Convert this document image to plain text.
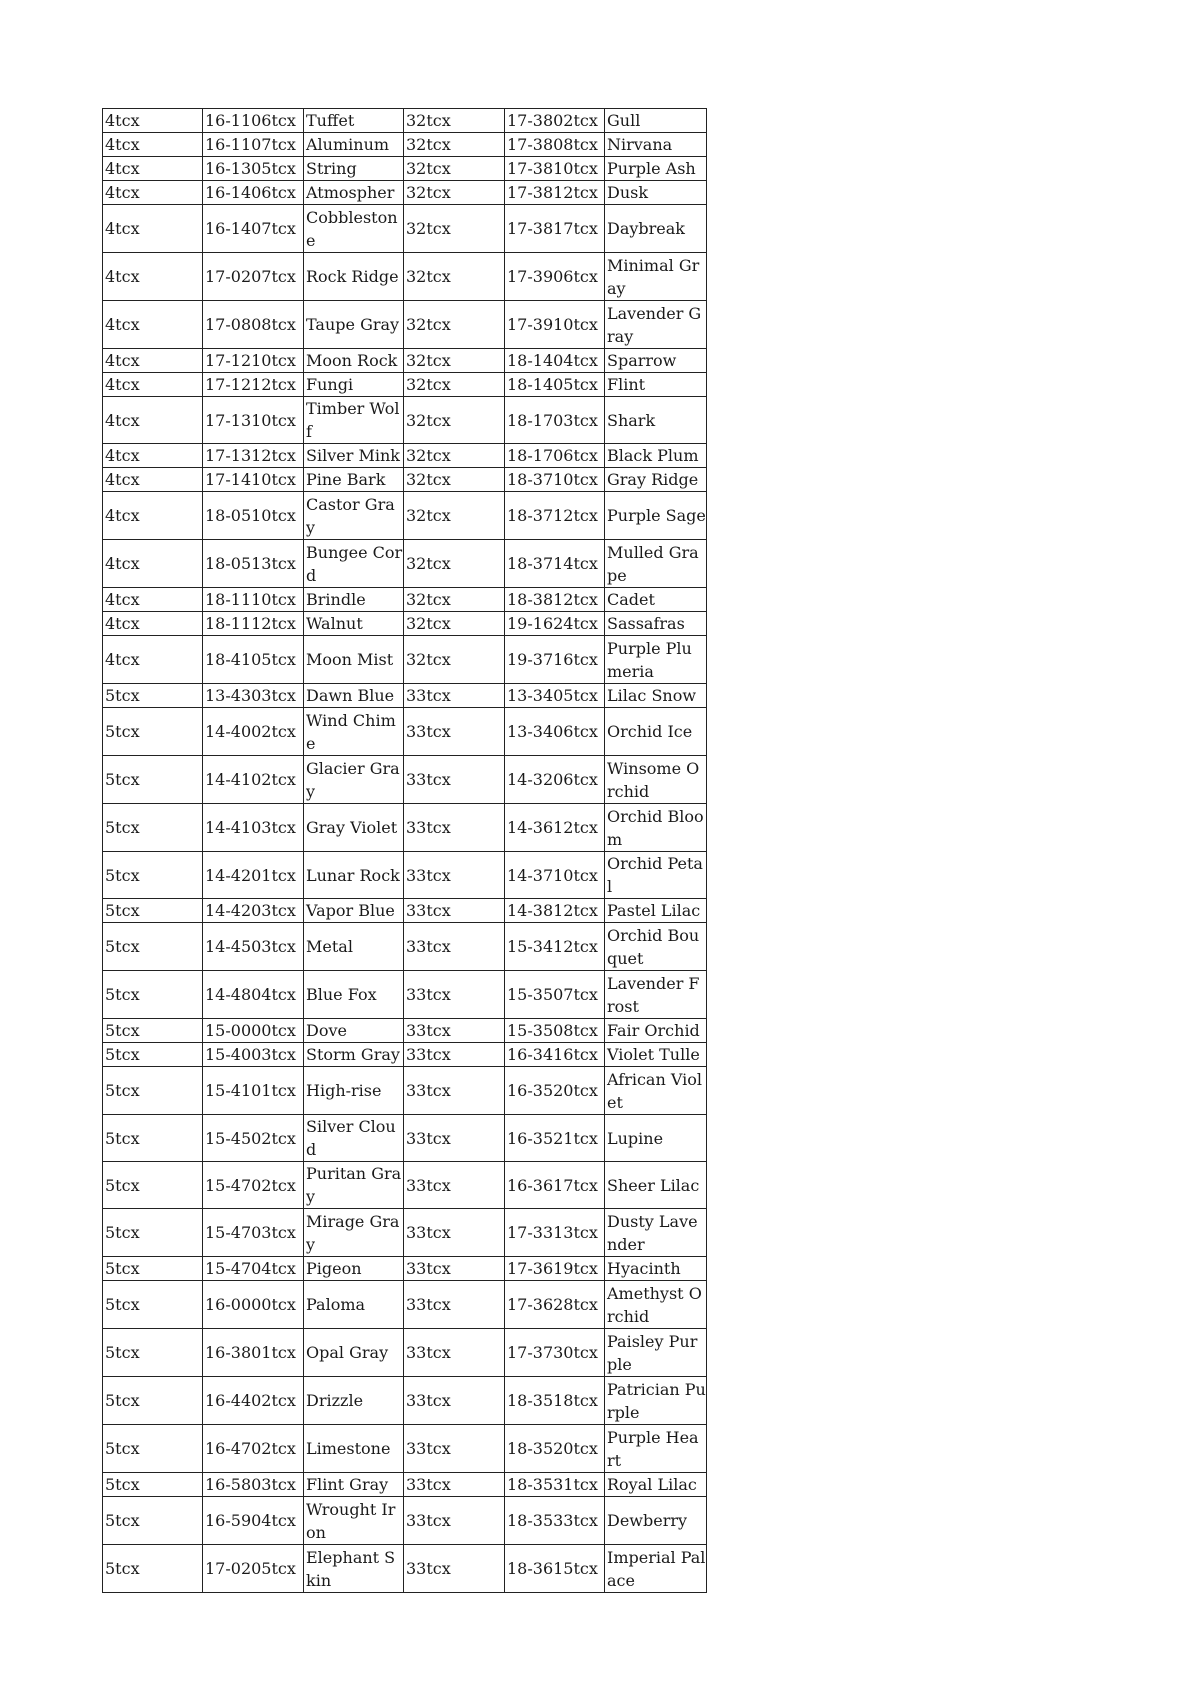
4tcx	16-1106tcx	Tuffet	32tcx	17-3802tcx	Gull
4tcx	16-1107tcx	Aluminum	32tcx	17-3808tcx	Nirvana
4tcx	16-1305tcx	String	32tcx	17-3810tcx	Purple Ash
4tcx	16-1406tcx	Atmospher	32tcx	17-3812tcx	Dusk
4tcx	16-1407tcx	Cobbleston e	32tcx	17-3817tcx	Daybreak
4tcx	17-0207tcx	Rock Ridge	32tcx	17-3906tcx	Minimal Gray
4tcx	17-0808tcx	Taupe Gray	32tcx	17-3910tcx	Lavender Gray
4tcx	17-1210tcx	Moon Rock	32tcx	18-1404tcx	Sparrow
4tcx	17-1212tcx	Fungi	32tcx	18-1405tcx	Flint
4tcx	17-1310tcx	Timber Wolf	32tcx	18-1703tcx	Shark
4tcx	17-1312tcx	Silver Mink	32tcx	18-1706tcx	Black Plum
4tcx	17-1410tcx	Pine Bark	32tcx	18-3710tcx	Gray Ridge
4tcx	18-0510tcx	Castor Gray	32tcx	18-3712tcx	Purple Sage
4tcx	18-0513tcx	Bungee Cord	32tcx	18-3714tcx	Mulled Grape
4tcx	18-1110tcx	Brindle	32tcx	18-3812tcx	Cadet
4tcx	18-1112tcx	Walnut	32tcx	19-1624tcx	Sassafras
4tcx	18-4105tcx	Moon Mist	32tcx	19-3716tcx	Purple Plumeria
5tcx	13-4303tcx	Dawn Blue	33tcx	13-3405tcx	Lilac Snow
5tcx	14-4002tcx	Wind Chime	33tcx	13-3406tcx	Orchid Ice
5tcx	14-4102tcx	Glacier Gray	33tcx	14-3206tcx	Winsome Orchid
5tcx	14-4103tcx	Gray Violet	33tcx	14-3612tcx	Orchid Bloom
5tcx	14-4201tcx	Lunar Rock	33tcx	14-3710tcx	Orchid Petal
5tcx	14-4203tcx	Vapor Blue	33tcx	14-3812tcx	Pastel Lilac
5tcx	14-4503tcx	Metal	33tcx	15-3412tcx	Orchid Bouquet
5tcx	14-4804tcx	Blue Fox	33tcx	15-3507tcx	Lavender Frost
5tcx	15-0000tcx	Dove	33tcx	15-3508tcx	Fair Orchid
5tcx	15-4003tcx	Storm Gray	33tcx	16-3416tcx	Violet Tulle
5tcx	15-4101tcx	High-rise	33tcx	16-3520tcx	African Violet
5tcx	15-4502tcx	Silver Cloud	33tcx	16-3521tcx	Lupine
5tcx	15-4702tcx	Puritan Gray	33tcx	16-3617tcx	Sheer Lilac
5tcx	15-4703tcx	Mirage Gray	33tcx	17-3313tcx	Dusty Lavender
5tcx	15-4704tcx	Pigeon	33tcx	17-3619tcx	Hyacinth
5tcx	16-0000tcx	Paloma	33tcx	17-3628tcx	Amethyst Orchid
5tcx	16-3801tcx	Opal Gray	33tcx	17-3730tcx	Paisley Purple
5tcx	16-4402tcx	Drizzle	33tcx	18-3518tcx	Patrician Purple
5tcx	16-4702tcx	Limestone	33tcx	18-3520tcx	Purple Heart
5tcx	16-5803tcx	Flint Gray	33tcx	18-3531tcx	Royal Lilac
5tcx	16-5904tcx	Wrought Iron	33tcx	18-3533tcx	Dewberry
5tcx	17-0205tcx	Elephant Skin	33tcx	18-3615tcx	Imperial Palace
